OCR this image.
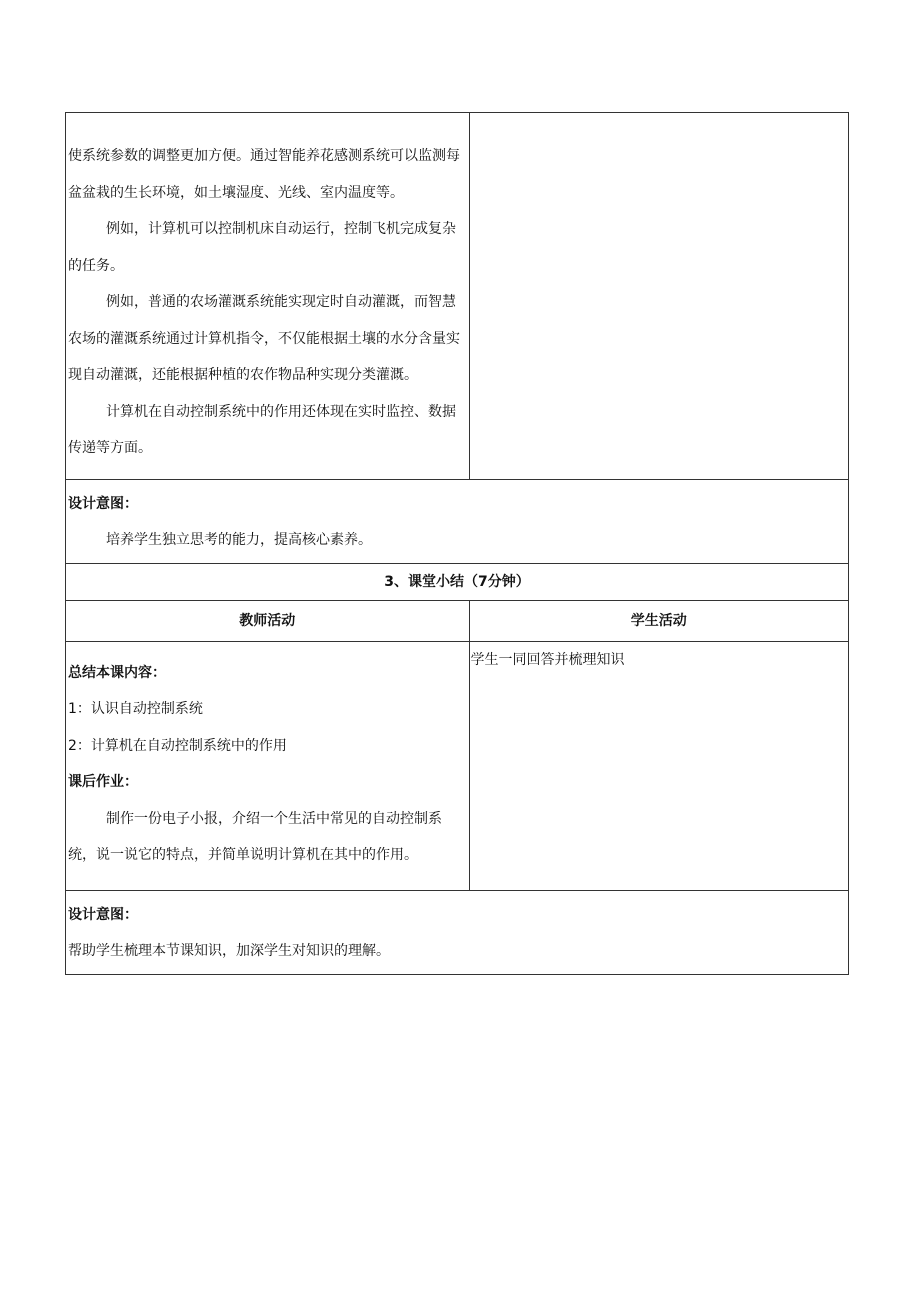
使系统参数的调整更加方便。通过智能养花感测系统可以监测每盆盆栽的生长环境，如土壤湿度、光线、室内温度等。

例如，计算机可以控制机床自动运行，控制飞机完成复杂的任务。

例如，普通的农场灌溉系统能实现定时自动灌溉，而智慧农场的灌溉系统通过计算机指令，不仅能根据土壤的水分含量实现自动灌溉，还能根据种植的农作物品种实现分类灌溉。

计算机在自动控制系统中的作用还体现在实时监控、数据传递等方面。	

设计意图：

培养学生独立思考的能力，提高核心素养。	

3、课堂小结（7分钟）	
教师活动	学生活动

总结本课内容：

1：认识自动控制系统

2：计算机在自动控制系统中的作用

课后作业：

制作一份电子小报，介绍一个生活中常见的自动控制系统，说一说它的特点，并简单说明计算机在其中的作用。	学生一同回答并梳理知识

设计意图：

帮助学生梳理本节课知识，加深学生对知识的理解。	
